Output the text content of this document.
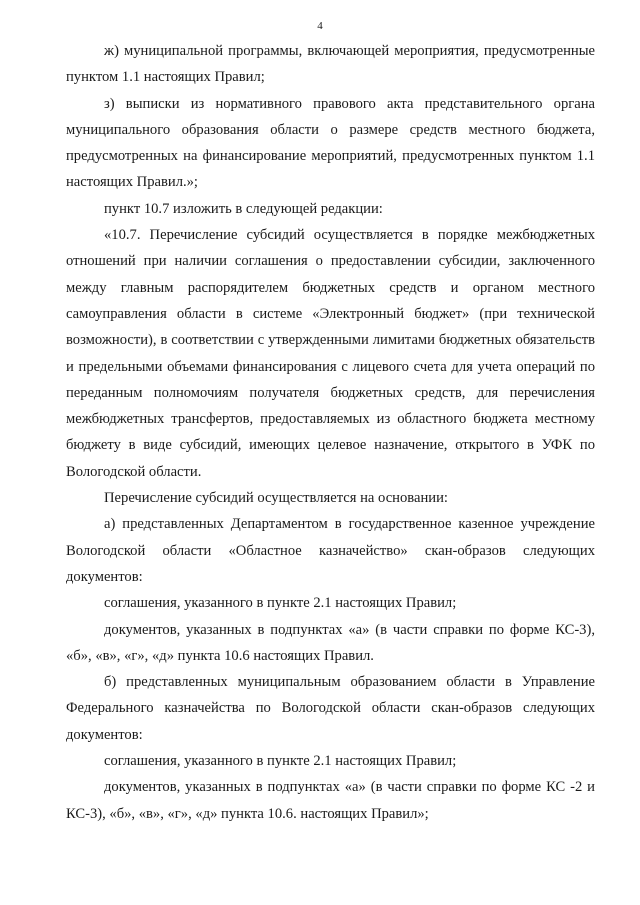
4

ж) муниципальной программы, включающей мероприятия, предусмотренные пунктом 1.1 настоящих Правил;

з) выписки из нормативного правового акта представительного органа муниципального образования области о размере средств местного бюджета, предусмотренных на финансирование мероприятий, предусмотренных пунктом 1.1 настоящих Правил.»;

пункт 10.7 изложить в следующей редакции:

«10.7. Перечисление субсидий осуществляется в порядке межбюджетных отношений при наличии соглашения о предоставлении субсидии, заключенного между главным распорядителем бюджетных средств и органом местного самоуправления области в системе «Электронный бюджет» (при технической возможности), в соответствии с утвержденными лимитами бюджетных обязательств и предельными объемами финансирования с лицевого счета для учета операций по переданным полномочиям получателя бюджетных средств, для перечисления межбюджетных трансфертов, предоставляемых из областного бюджета местному бюджету в виде субсидий, имеющих целевое назначение, открытого в УФК по Вологодской области.

Перечисление субсидий осуществляется на основании:

а) представленных Департаментом в государственное казенное учреждение Вологодской области «Областное казначейство» скан-образов следующих документов:

соглашения, указанного в пункте 2.1 настоящих Правил;

документов, указанных в подпунктах «а» (в части справки по форме КС-3), «б», «в», «г», «д» пункта 10.6 настоящих Правил.

б) представленных муниципальным образованием области в Управление Федерального казначейства по Вологодской области скан-образов следующих документов:

соглашения, указанного в пункте 2.1 настоящих Правил;

документов, указанных в подпунктах «а» (в части справки по форме КС -2 и КС-3), «б», «в», «г», «д» пункта 10.6. настоящих Правил»;
